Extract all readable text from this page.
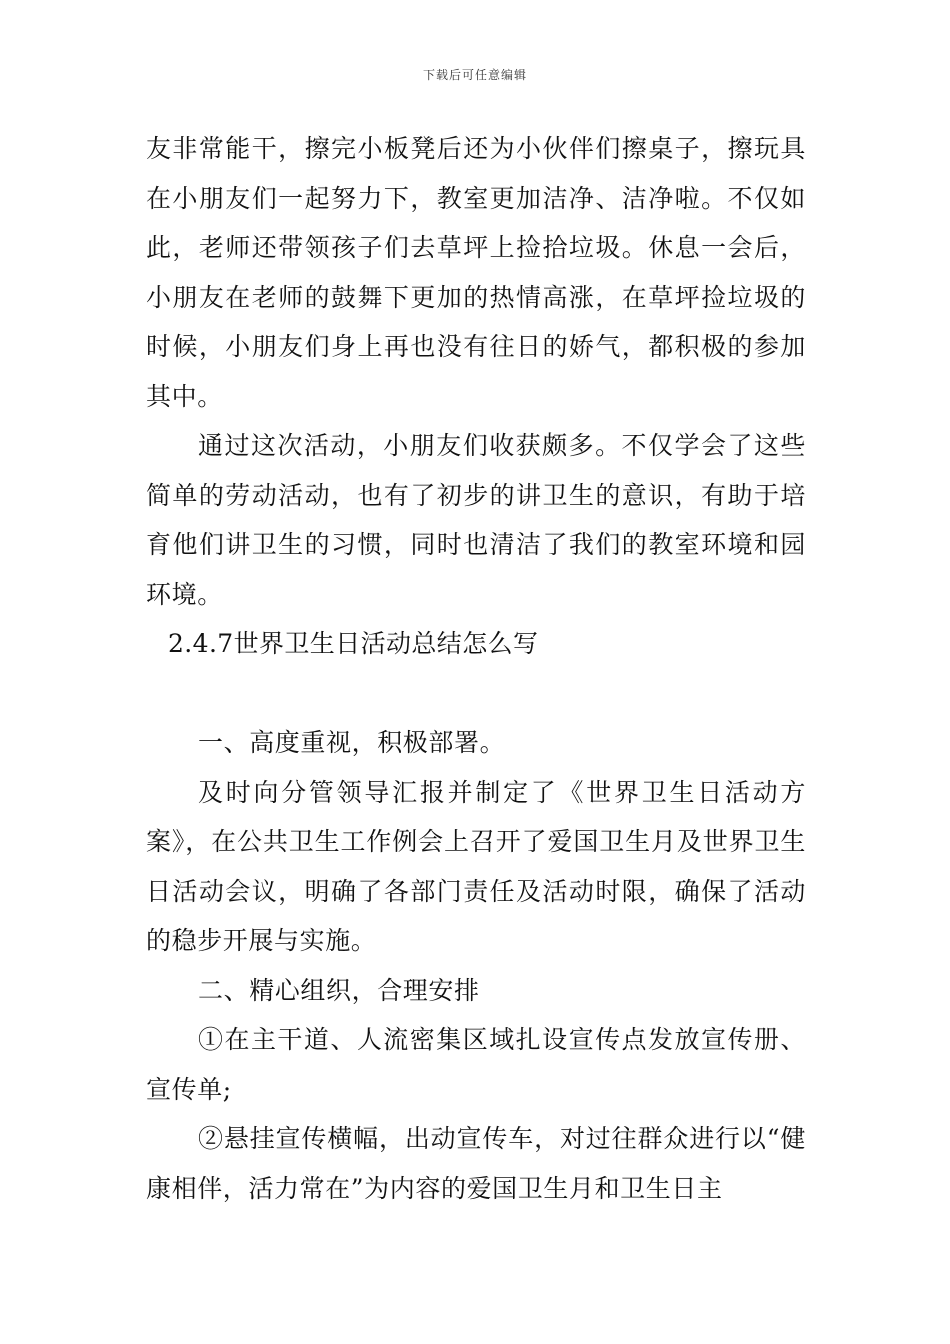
下载后可任意编辑

友非常能干，擦完小板凳后还为小伙伴们擦桌子，擦玩具在小朋友们一起努力下，教室更加洁净、洁净啦。不仅如此，老师还带领孩子们去草坪上捡拾垃圾。休息一会后，小朋友在老师的鼓舞下更加的热情高涨，在草坪捡垃圾的时候，小朋友们身上再也没有往日的娇气，都积极的参加其中。

通过这次活动，小朋友们收获颇多。不仅学会了这些简单的劳动活动，也有了初步的讲卫生的意识，有助于培育他们讲卫生的习惯，同时也清洁了我们的教室环境和园环境。

2.4.7世界卫生日活动总结怎么写

一、高度重视，积极部署。

及时向分管领导汇报并制定了《世界卫生日活动方案》，在公共卫生工作例会上召开了爱国卫生月及世界卫生日活动会议，明确了各部门责任及活动时限，确保了活动的稳步开展与实施。

二、精心组织，合理安排

①在主干道、人流密集区域扎设宣传点发放宣传册、宣传单;

②悬挂宣传横幅，出动宣传车，对过往群众进行以“健康相伴，活力常在”为内容的爱国卫生月和卫生日主
